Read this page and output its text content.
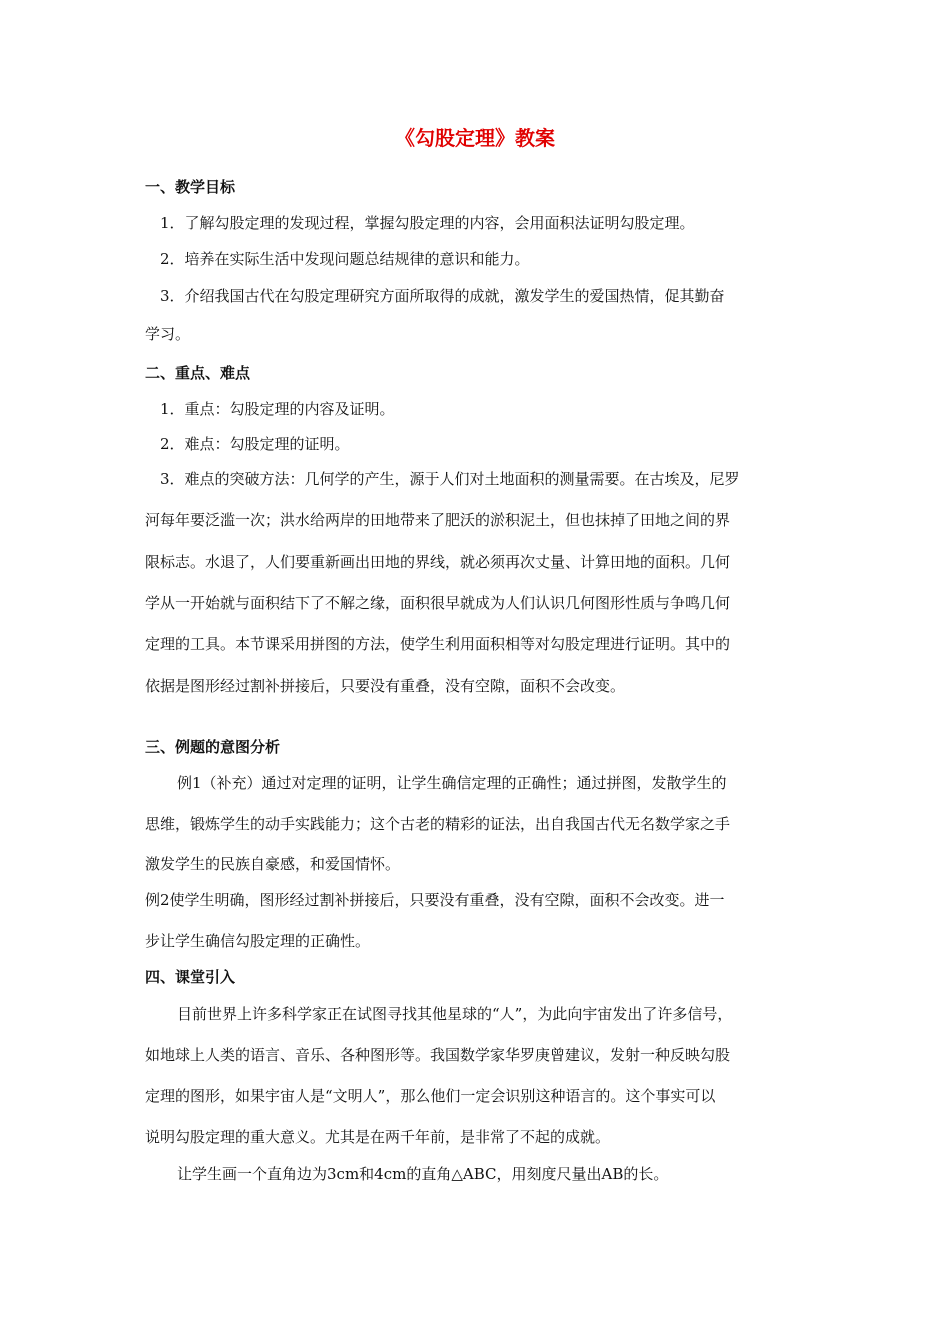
《勾股定理》教案
一、教学目标
1．了解勾股定理的发现过程，掌握勾股定理的内容，会用面积法证明勾股定理。
2．培养在实际生活中发现问题总结规律的意识和能力。
3．介绍我国古代在勾股定理研究方面所取得的成就，激发学生的爱国热情，促其勤奋
学习。
二、重点、难点
1．重点：勾股定理的内容及证明。
2．难点：勾股定理的证明。
3．难点的突破方法：几何学的产生，源于人们对土地面积的测量需要。在古埃及，尼罗
河每年要泛滥一次；洪水给两岸的田地带来了肥沃的淤积泥土，但也抹掉了田地之间的界
限标志。水退了，人们要重新画出田地的界线，就必须再次丈量、计算田地的面积。几何
学从一开始就与面积结下了不解之缘，面积很早就成为人们认识几何图形性质与争鸣几何
定理的工具。本节课采用拼图的方法，使学生利用面积相等对勾股定理进行证明。其中的
依据是图形经过割补拼接后，只要没有重叠，没有空隙，面积不会改变。
三、例题的意图分析
例1（补充）通过对定理的证明，让学生确信定理的正确性；通过拼图，发散学生的
思维，锻炼学生的动手实践能力；这个古老的精彩的证法，出自我国古代无名数学家之手
激发学生的民族自豪感，和爱国情怀。
例2使学生明确，图形经过割补拼接后，只要没有重叠，没有空隙，面积不会改变。进一
步让学生确信勾股定理的正确性。
四、课堂引入
目前世界上许多科学家正在试图寻找其他星球的“人”，为此向宇宙发出了许多信号，
如地球上人类的语言、音乐、各种图形等。我国数学家华罗庚曾建议，发射一种反映勾股
定理的图形，如果宇宙人是“文明人”，那么他们一定会识别这种语言的。这个事实可以
说明勾股定理的重大意义。尤其是在两千年前，是非常了不起的成就。
让学生画一个直角边为3cm和4cm的直角△ABC，用刻度尺量出AB的长。
